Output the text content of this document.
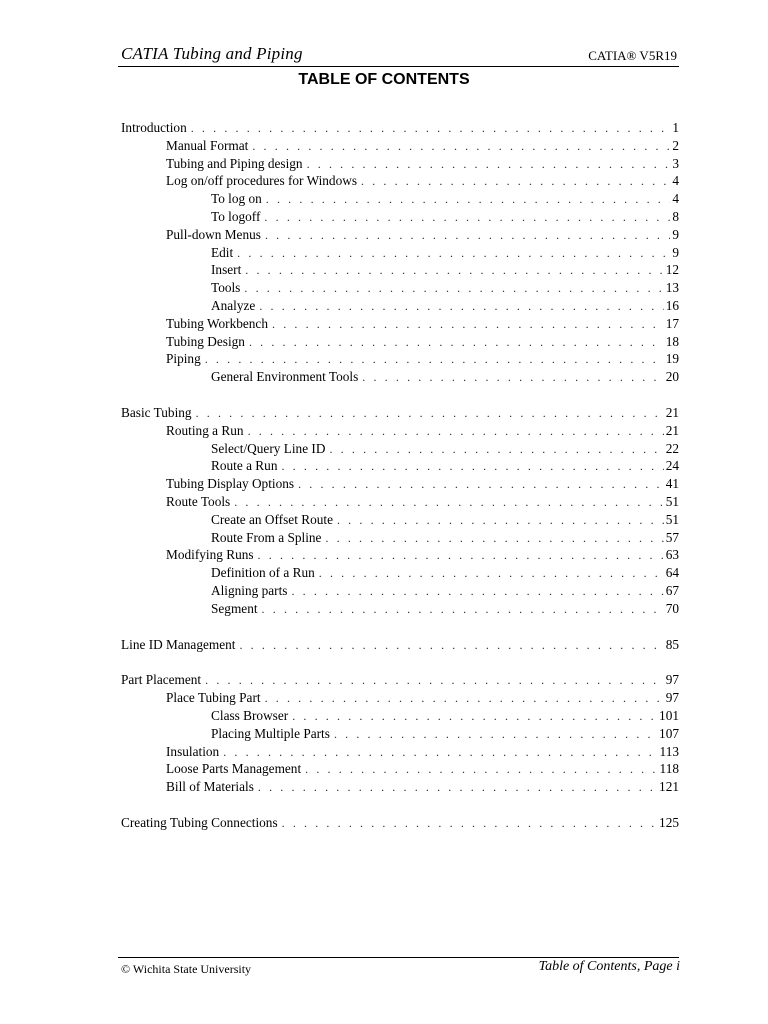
CATIA Tubing and Piping	CATIA® V5R19
TABLE OF CONTENTS
Introduction . . .	1
Manual Format . . .	2
Tubing and Piping design . . .	3
Log on/off procedures for Windows . . .	4
To log on . . .	4
To logoff . . .	8
Pull-down Menus . . .	9
Edit . . .	9
Insert . . .	12
Tools . . .	13
Analyze . . .	16
Tubing Workbench . . .	17
Tubing Design . . .	18
Piping . . .	19
General Environment Tools . . .	20
Basic Tubing . . .	21
Routing a Run . . .	21
Select/Query Line ID . . .	22
Route a Run . . .	24
Tubing Display Options . . .	41
Route Tools . . .	51
Create an Offset Route . . .	51
Route From a Spline . . .	57
Modifying Runs . . .	63
Definition of a Run . . .	64
Aligning parts . . .	67
Segment . . .	70
Line ID Management . . .	85
Part Placement . . .	97
Place Tubing Part . . .	97
Class Browser . . .	101
Placing Multiple Parts . . .	107
Insulation . . .	113
Loose Parts Management . . .	118
Bill of Materials . . .	121
Creating Tubing Connections . . .	125
© Wichita State University	Table of Contents, Page i
